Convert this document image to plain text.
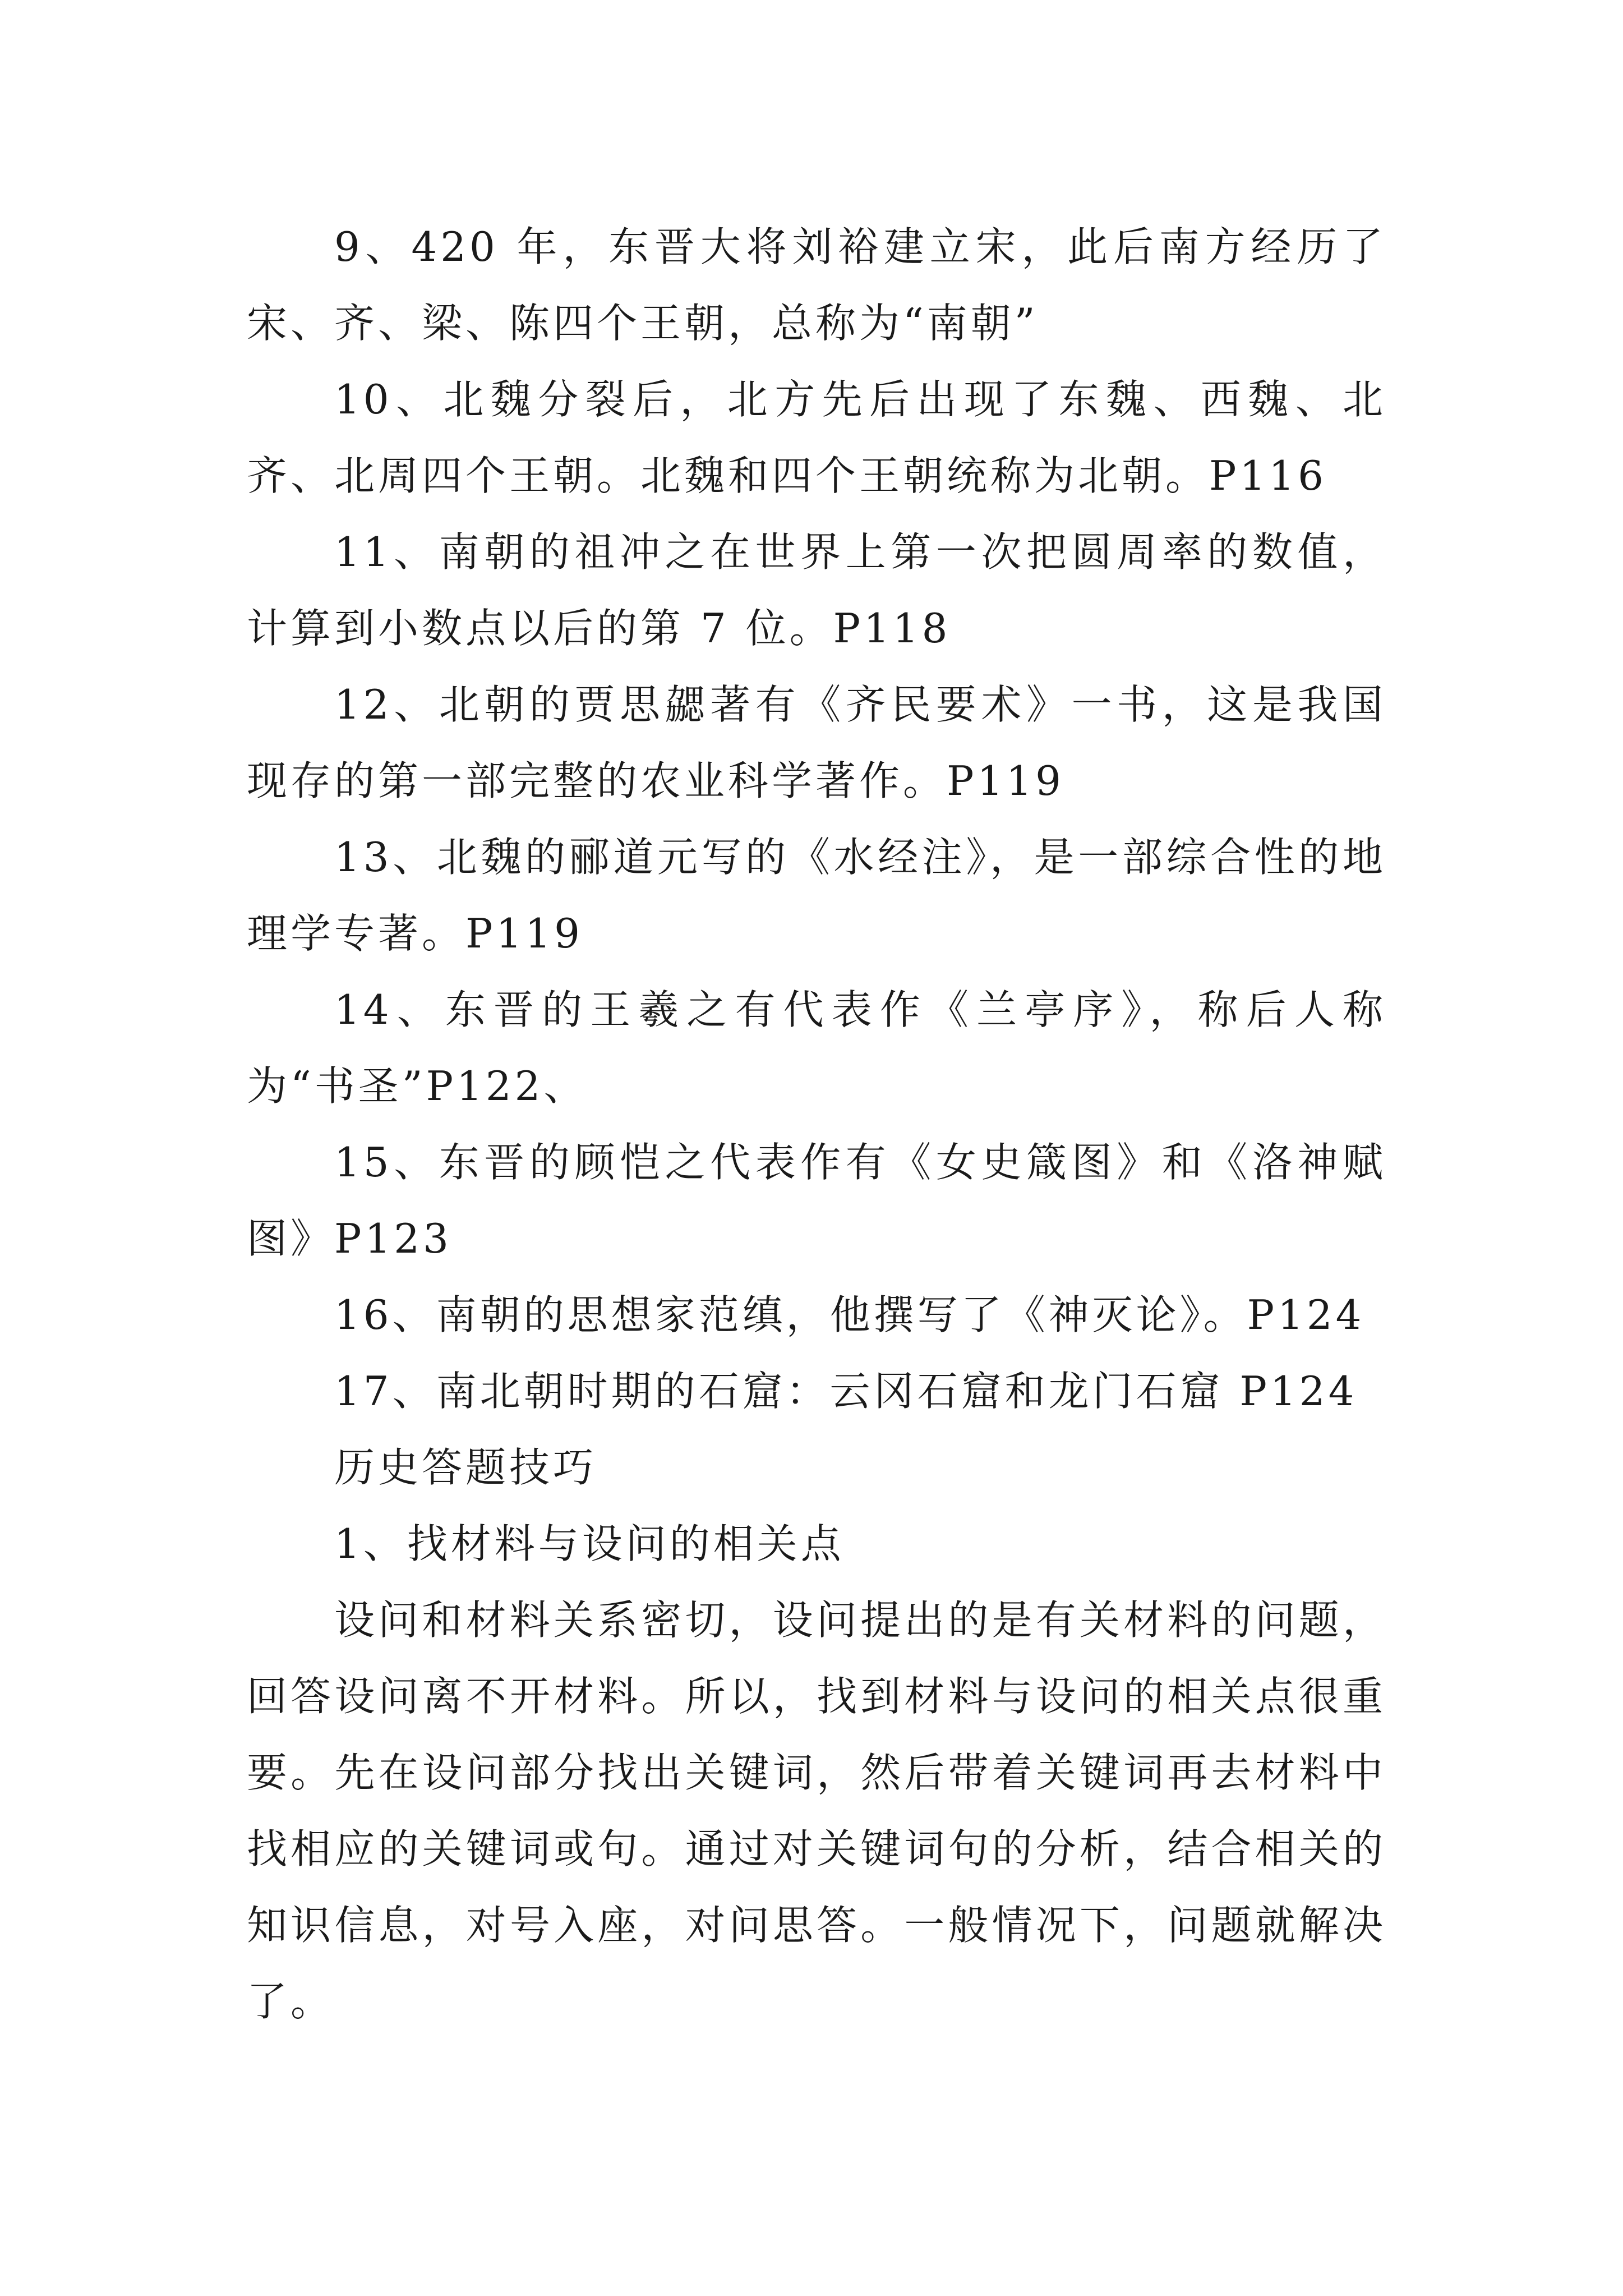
9、420 年，东晋大将刘裕建立宋，此后南方经历了宋、齐、梁、陈四个王朝，总称为“南朝”

10、北魏分裂后，北方先后出现了东魏、西魏、北齐、北周四个王朝。北魏和四个王朝统称为北朝。P116

11、南朝的祖冲之在世界上第一次把圆周率的数值，计算到小数点以后的第 7 位。P118

12、北朝的贾思勰著有《齐民要术》一书，这是我国现存的第一部完整的农业科学著作。P119

13、北魏的郦道元写的《水经注》，是一部综合性的地理学专著。P119

14、东晋的王羲之有代表作《兰亭序》，称后人称为“书圣”P122、

15、东晋的顾恺之代表作有《女史箴图》和《洛神赋图》P123

16、南朝的思想家范缜，他撰写了《神灭论》。P124

17、南北朝时期的石窟：云冈石窟和龙门石窟 P124

历史答题技巧

1、找材料与设问的相关点

设问和材料关系密切，设问提出的是有关材料的问题，回答设问离不开材料。所以，找到材料与设问的相关点很重要。先在设问部分找出关键词，然后带着关键词再去材料中找相应的关键词或句。通过对关键词句的分析，结合相关的知识信息，对号入座，对问思答。一般情况下，问题就解决了。
